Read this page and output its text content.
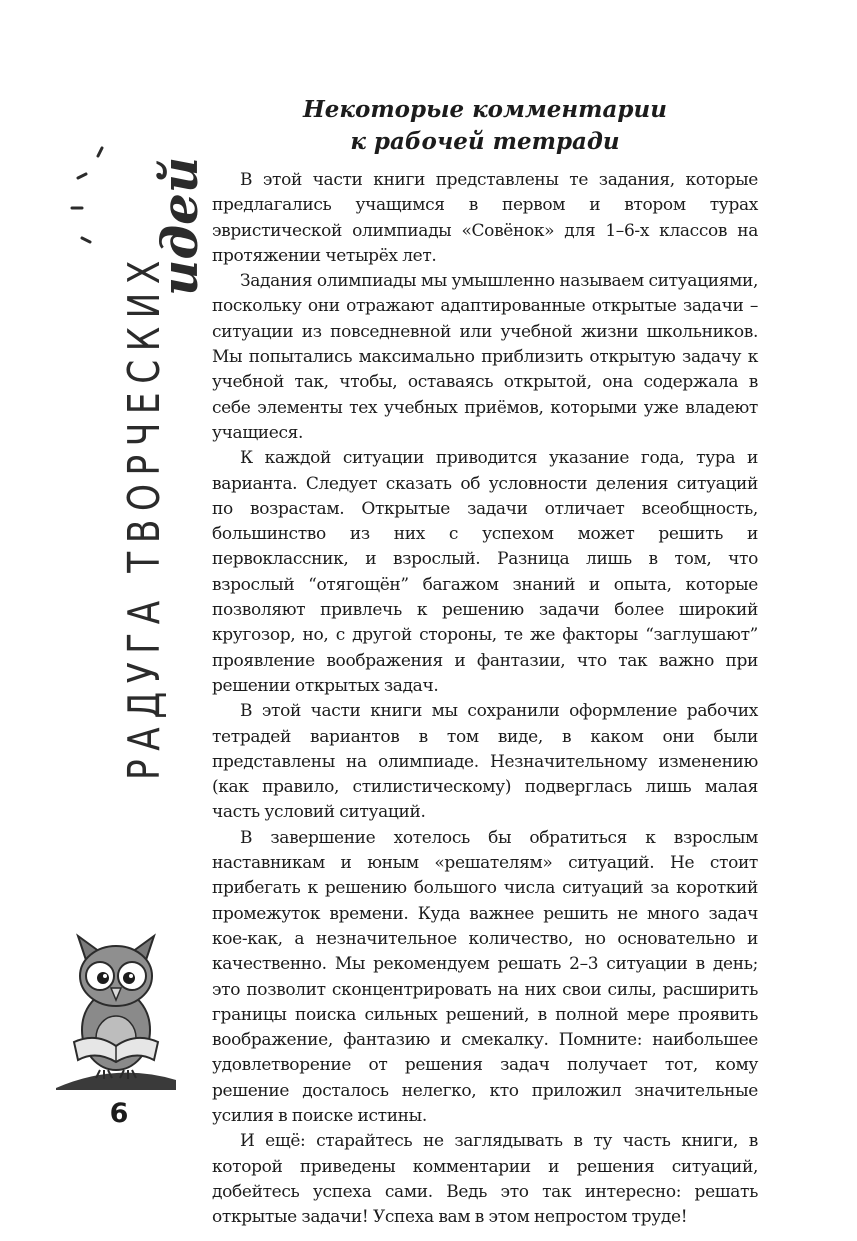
РАДУГА ТВОРЧЕСКИХ
идей
6
Некоторые комментарии
к рабочей тетради

В этой части книги представлены те задания, которые предлагались учащимся в первом и втором турах эвристической олимпиады «Совёнок» для 1–6-х классов на протяжении четырёх лет.

Задания олимпиады мы умышленно называем ситуациями, поскольку они отражают адаптированные открытые задачи – ситуации из повседневной или учебной жизни школьников. Мы попытались максимально приблизить открытую задачу к учебной так, чтобы, оставаясь открытой, она содержала в себе элементы тех учебных приёмов, которыми уже владеют учащиеся.

К каждой ситуации приводится указание года, тура и варианта. Следует сказать об условности деления ситуаций по возрастам. Открытые задачи отличает всеобщность, большинство из них с успехом может решить и первоклассник, и взрослый. Разница лишь в том, что взрослый “отягощён” багажом знаний и опыта, которые позволяют привлечь к решению задачи более широкий кругозор, но, с другой стороны, те же факторы “заглушают” проявление воображения и фантазии, что так важно при решении открытых задач.

В этой части книги мы сохранили оформление рабочих тетрадей вариантов в том виде, в каком они были представлены на олимпиаде. Незначительному изменению (как правило, стилистическому) подверглась лишь малая часть условий ситуаций.

В завершение хотелось бы обратиться к взрослым наставникам и юным «решателям» ситуаций. Не стоит прибегать к решению большого числа ситуаций за короткий промежуток времени. Куда важнее решить не много задач кое-как, а незначительное количество, но основательно и качественно. Мы рекомендуем решать 2–3 ситуации в день; это позволит сконцентрировать на них свои силы, расширить границы поиска сильных решений, в полной мере проявить воображение, фантазию и смекалку. Помните: наибольшее удовлетворение от решения задач получает тот, кому решение досталось нелегко, кто приложил значительные усилия в поиске истины.

И ещё: старайтесь не заглядывать в ту часть книги, в которой приведены комментарии и решения ситуаций, добейтесь успеха сами. Ведь это так интересно: решать открытые задачи! Успеха вам в этом непростом труде!
